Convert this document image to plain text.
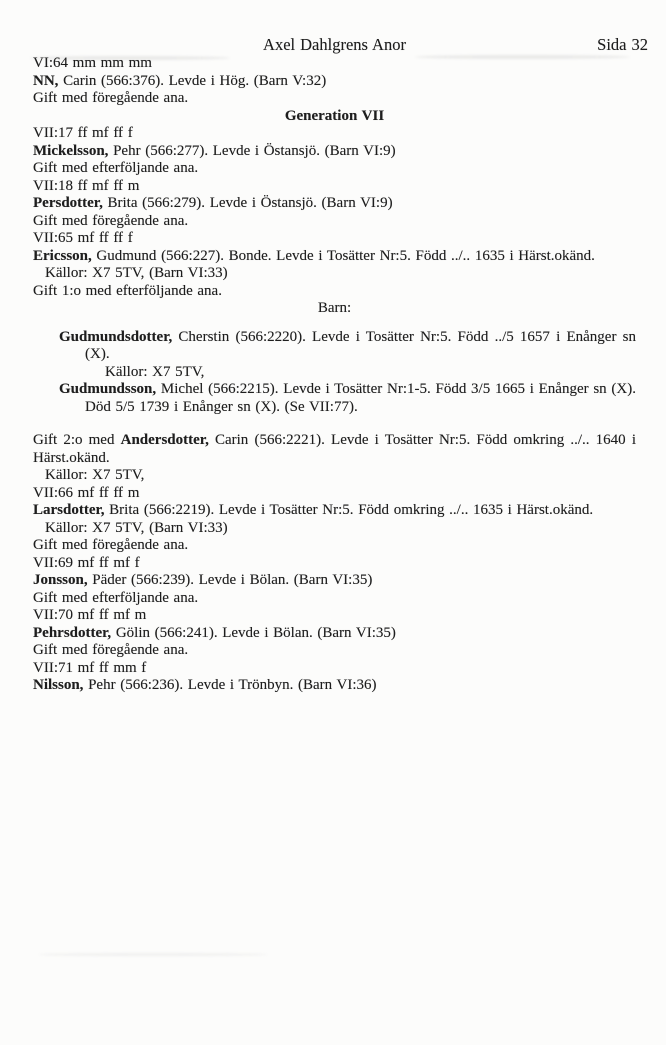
Axel Dahlgrens Anor	Sida 32

VI:64 mm mm mm
NN, Carin (566:376). Levde i Hög. (Barn V:32)

Gift med föregående ana.

Generation VII

VII:17 ff mf ff f
Mickelsson, Pehr (566:277). Levde i Östansjö. (Barn VI:9)

Gift med efterföljande ana.

VII:18 ff mf ff m
Persdotter, Brita (566:279). Levde i Östansjö. (Barn VI:9)

Gift med föregående ana.

VII:65 mf ff ff f
Ericsson, Gudmund (566:227). Bonde. Levde i Tosätter Nr:5. Född ../.. 1635 i Härst.okänd.
Källor: X7 5TV, (Barn VI:33)

Gift 1:o med efterföljande ana.

Barn:

Gudmundsdotter, Cherstin (566:2220). Levde i Tosätter Nr:5. Född ../5 1657 i Enånger sn (X).

Källor: X7 5TV,

Gudmundsson, Michel (566:2215). Levde i Tosätter Nr:1-5. Född 3/5 1665 i Enånger sn (X). Död 5/5 1739 i Enånger sn (X). (Se VII:77).

Gift 2:o med Andersdotter, Carin (566:2221). Levde i Tosätter Nr:5. Född omkring ../.. 1640 i Härst.okänd.

Källor: X7 5TV,

VII:66 mf ff ff m
Larsdotter, Brita (566:2219). Levde i Tosätter Nr:5. Född omkring ../.. 1635 i Härst.okänd.
Källor: X7 5TV, (Barn VI:33)

Gift med föregående ana.

VII:69 mf ff mf f
Jonsson, Päder (566:239). Levde i Bölan. (Barn VI:35)

Gift med efterföljande ana.

VII:70 mf ff mf m
Pehrsdotter, Gölin (566:241). Levde i Bölan. (Barn VI:35)

Gift med föregående ana.

VII:71 mf ff mm f
Nilsson, Pehr (566:236). Levde i Trönbyn. (Barn VI:36)
